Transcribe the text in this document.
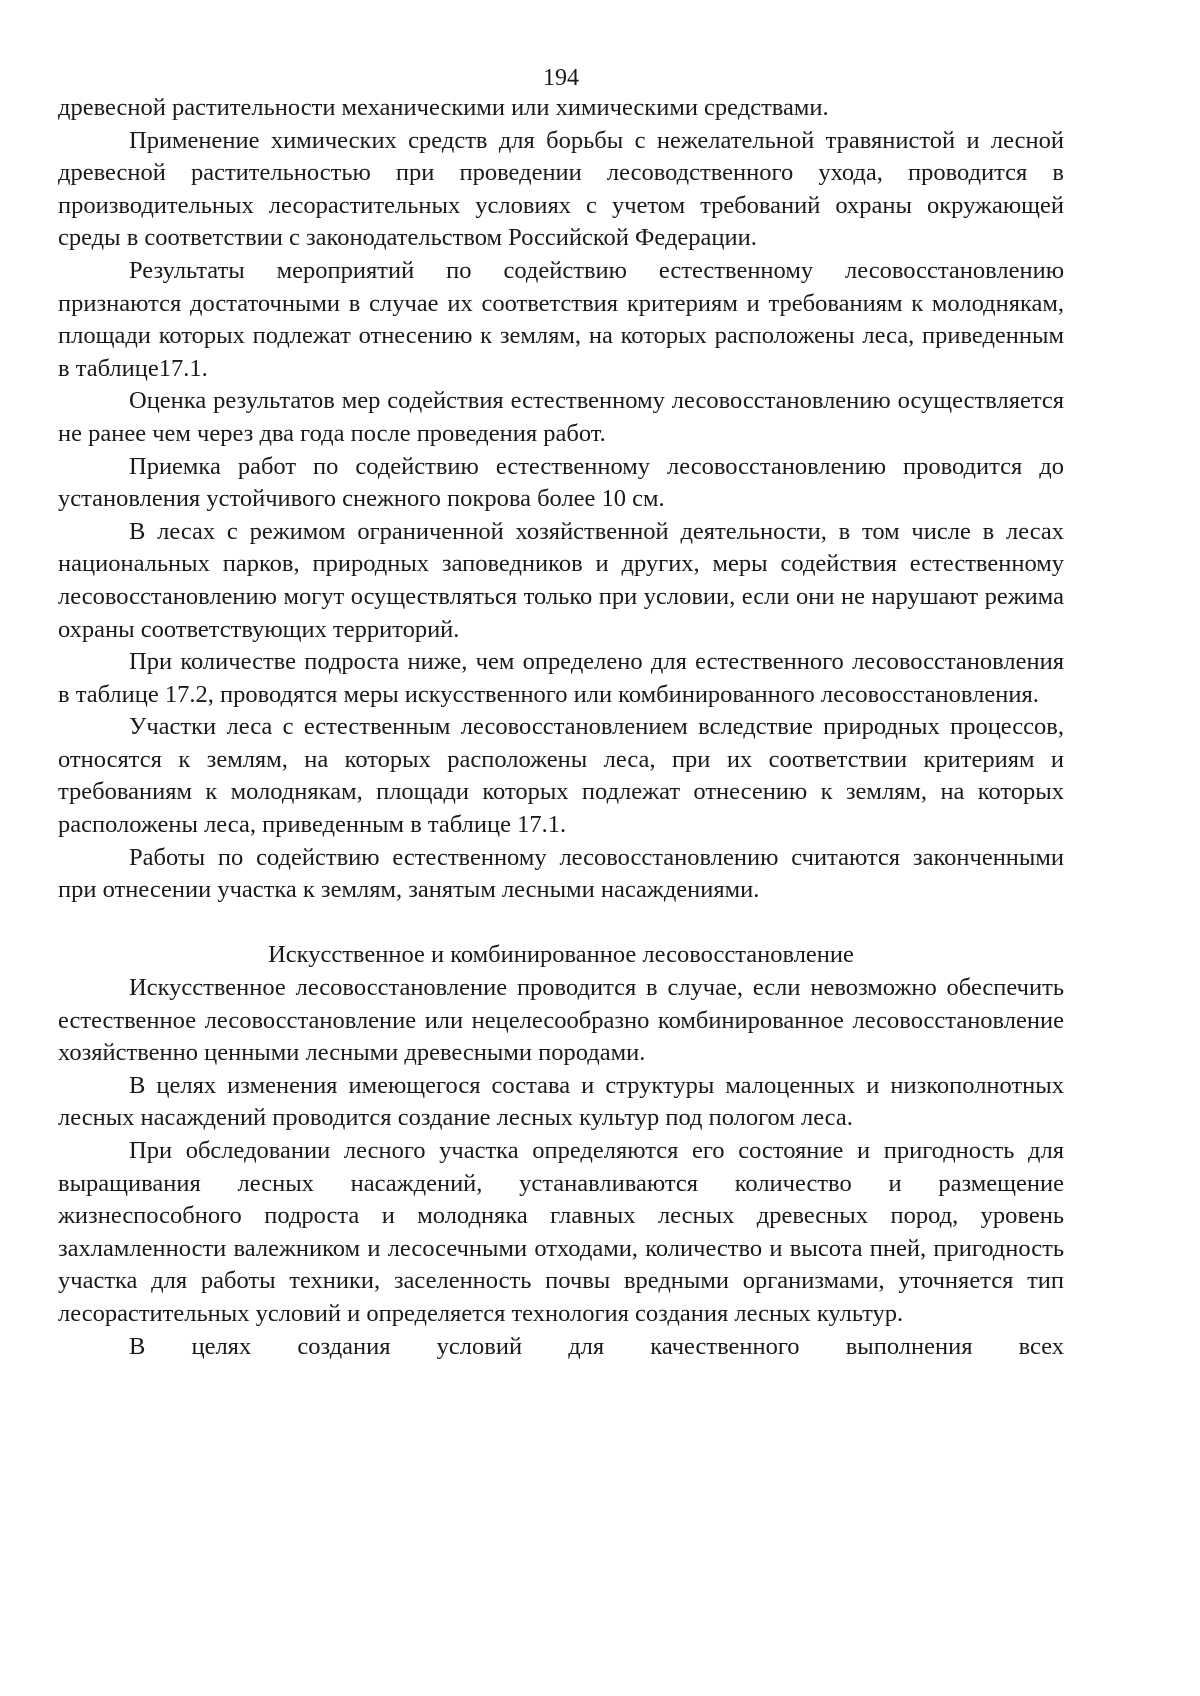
194

древесной растительности механическими или химическими средствами.

Применение химических средств для борьбы с нежелательной травянистой и лесной древесной растительностью при проведении лесоводственного ухода, проводится в производительных лесорастительных условиях с учетом требований охраны окружающей среды в соответствии с законодательством Российской Федерации.

Результаты мероприятий по содействию естественному лесовосстановлению признаются достаточными в случае их соответствия критериям и требованиям к молоднякам, площади которых подлежат отнесению к землям, на которых расположены леса, приведенным в таблице17.1.

Оценка результатов мер содействия естественному лесовосстановлению осуществляется не ранее чем через два года после проведения работ.

Приемка работ по содействию естественному лесовосстановлению проводится до установления устойчивого снежного покрова более 10 см.

В лесах с режимом ограниченной хозяйственной деятельности, в том числе в лесах национальных парков, природных заповедников и других, меры содействия естественному лесовосстановлению могут осуществляться только при условии, если они не нарушают режима охраны соответствующих территорий.

При количестве подроста ниже, чем определено для естественного лесовосстановления в таблице 17.2, проводятся меры искусственного или комбинированного лесовосстановления.

Участки леса с естественным лесовосстановлением вследствие природных процессов, относятся к землям, на которых расположены леса, при их соответствии критериям и требованиям к молоднякам, площади которых подлежат отнесению к землям, на которых расположены леса, приведенным в таблице 17.1.

Работы по содействию естественному лесовосстановлению считаются законченными при отнесении участка к землям, занятым лесными насаждениями.

Искусственное и комбинированное лесовосстановление

Искусственное лесовосстановление проводится в случае, если невозможно обеспечить естественное лесовосстановление или нецелесообразно комбинированное лесовосстановление хозяйственно ценными лесными древесными породами.

В целях изменения имеющегося состава и структуры малоценных и низкополнотных лесных насаждений проводится создание лесных культур под пологом леса.

При обследовании лесного участка определяются его состояние и пригодность для выращивания лесных насаждений, устанавливаются количество и размещение жизнеспособного подроста и молодняка главных лесных древесных пород, уровень захламленности валежником и лесосечными отходами, количество и высота пней, пригодность участка для работы техники, заселенность почвы вредными организмами, уточняется тип лесорастительных условий и определяется технология создания лесных культур.

В целях создания условий для качественного выполнения всех
